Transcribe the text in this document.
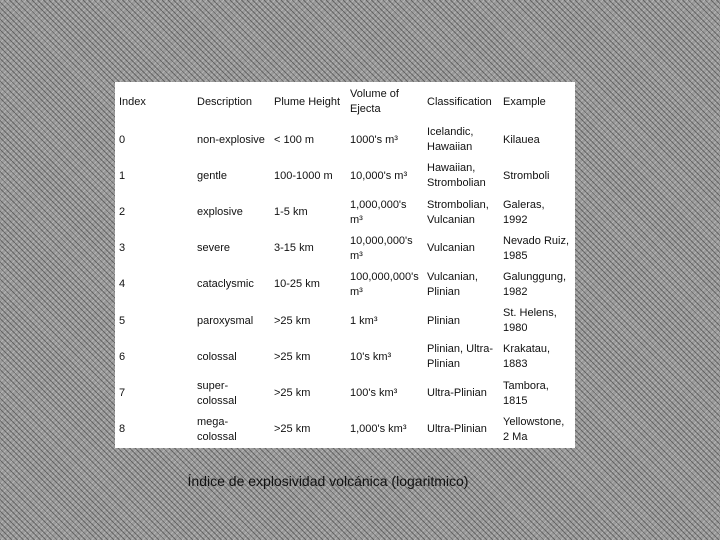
Index	Description	Plume Height	Volume of Ejecta	Classification	Example
0	non-explosive	< 100 m	1000's m³	Icelandic, Hawaiian	Kilauea
1	gentle	100-1000 m	10,000's m³	Hawaiian, Strombolian	Stromboli
2	explosive	1-5 km	1,000,000's m³	Strombolian, Vulcanian	Galeras, 1992
3	severe	3-15 km	10,000,000's m³	Vulcanian	Nevado Ruiz, 1985
4	cataclysmic	10-25 km	100,000,000's m³	Vulcanian, Plinian	Galunggung, 1982
5	paroxysmal	>25 km	1 km³	Plinian	St. Helens, 1980
6	colossal	>25 km	10's km³	Plinian, Ultra-Plinian	Krakatau, 1883
7	super-colossal	>25 km	100's km³	Ultra-Plinian	Tambora, 1815
8	mega-colossal	>25 km	1,000's km³	Ultra-Plinian	Yellowstone, 2 Ma
Índice de explosividad volcánica (logaritmico)
